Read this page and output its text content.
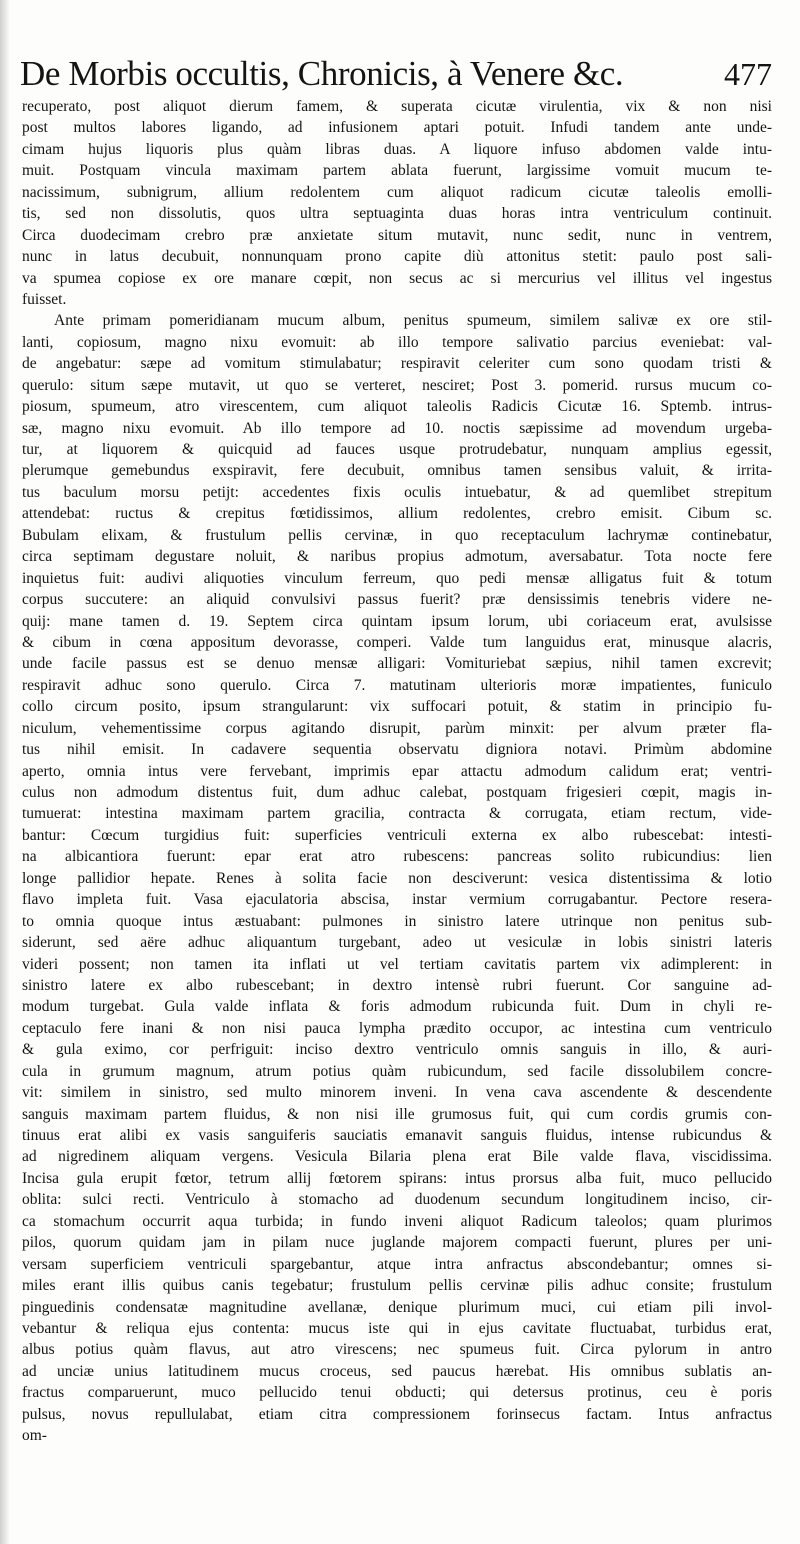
De Morbis occultis, Chronicis, à Venere &c.	477
recuperato, post aliquot dierum famem, & superata cicutæ virulentia, vix & non nisi
post multos labores ligando, ad infusionem aptari potuit. Infudi tandem ante unde-
cimam hujus liquoris plus quàm libras duas. A liquore infuso abdomen valde intu-
muit. Postquam vincula maximam partem ablata fuerunt, largissime vomuit mucum te-
nacissimum, subnigrum, allium redolentem cum aliquot radicum cicutæ taleolis emolli-
tis, sed non dissolutis, quos ultra septuaginta duas horas intra ventriculum continuit.
Circa duodecimam crebro præ anxietate situm mutavit, nunc sedit, nunc in ventrem,
nunc in latus decubuit, nonnunquam prono capite diù attonitus stetit: paulo post sali-
va spumea copiose ex ore manare cœpit, non secus ac si mercurius vel illitus vel ingestus
fuisset.
Ante primam pomeridianam mucum album, penitus spumeum, similem salivæ ex ore stil-
lanti, copiosum, magno nixu evomuit: ab illo tempore salivatio parcius eveniebat: val-
de angebatur: sæpe ad vomitum stimulabatur; respiravit celeriter cum sono quodam tristi &
querulo: situm sæpe mutavit, ut quo se verteret, nesciret; Post 3. pomerid. rursus mucum co-
piosum, spumeum, atro virescentem, cum aliquot taleolis Radicis Cicutæ 16. Sptemb. intrus-
sæ, magno nixu evomuit. Ab illo tempore ad 10. noctis sæpissime ad movendum urgeba-
tur, at liquorem & quicquid ad fauces usque protrudebatur, nunquam amplius egessit,
plerumque gemebundus exspiravit, fere decubuit, omnibus tamen sensibus valuit, & irrita-
tus baculum morsu petijt: accedentes fixis oculis intuebatur, & ad quemlibet strepitum
attendebat: ructus & crepitus fœtidissimos, allium redolentes, crebro emisit. Cibum sc.
Bubulam elixam, & frustulum pellis cervinæ, in quo receptaculum lachrymæ continebatur,
circa septimam degustare noluit, & naribus propius admotum, aversabatur. Tota nocte fere
inquietus fuit: audivi aliquoties vinculum ferreum, quo pedi mensæ alligatus fuit & totum
corpus succutere: an aliquid convulsivi passus fuerit? præ densissimis tenebris videre ne-
quij: mane tamen d. 19. Septem circa quintam ipsum lorum, ubi coriaceum erat, avulsisse
& cibum in cœna appositum devorasse, comperi. Valde tum languidus erat, minusque alacris,
unde facile passus est se denuo mensæ alligari: Vomituriebat sæpius, nihil tamen excrevit;
respiravit adhuc sono querulo. Circa 7. matutinam ulterioris moræ impatientes, funiculo
collo circum posito, ipsum strangularunt: vix suffocari potuit, & statim in principio fu-
niculum, vehementissime corpus agitando disrupit, parùm minxit: per alvum præter fla-
tus nihil emisit. In cadavere sequentia observatu digniora notavi. Primùm abdomine
aperto, omnia intus vere fervebant, imprimis epar attactu admodum calidum erat; ventri-
culus non admodum distentus fuit, dum adhuc calebat, postquam frigesieri cœpit, magis in-
tumuerat: intestina maximam partem gracilia, contracta & corrugata, etiam rectum, vide-
bantur: Cœcum turgidius fuit: superficies ventriculi externa ex albo rubescebat: intesti-
na albicantiora fuerunt: epar erat atro rubescens: pancreas solito rubicundius: lien
longe pallidior hepate. Renes à solita facie non desciverunt: vesica distentissima & lotio
flavo impleta fuit. Vasa ejaculatoria abscisa, instar vermium corrugabantur. Pectore resera-
to omnia quoque intus æstuabant: pulmones in sinistro latere utrinque non penitus sub-
siderunt, sed aëre adhuc aliquantum turgebant, adeo ut vesiculæ in lobis sinistri lateris
videri possent; non tamen ita inflati ut vel tertiam cavitatis partem vix adimplerent: in
sinistro latere ex albo rubescebant; in dextro intensè rubri fuerunt. Cor sanguine ad-
modum turgebat. Gula valde inflata & foris admodum rubicunda fuit. Dum in chyli re-
ceptaculo fere inani & non nisi pauca lympha prædito occupor, ac intestina cum ventriculo
& gula eximo, cor perfriguit: inciso dextro ventriculo omnis sanguis in illo, & auri-
cula in grumum magnum, atrum potius quàm rubicundum, sed facile dissolubilem concre-
vit: similem in sinistro, sed multo minorem inveni. In vena cava ascendente & descendente
sanguis maximam partem fluidus, & non nisi ille grumosus fuit, qui cum cordis grumis con-
tinuus erat alibi ex vasis sanguiferis sauciatis emanavit sanguis fluidus, intense rubicundus &
ad nigredinem aliquam vergens. Vesicula Bilaria plena erat Bile valde flava, viscidissima.
Incisa gula erupit fœtor, tetrum allij fœtorem spirans: intus prorsus alba fuit, muco pellucido
oblita: sulci recti. Ventriculo à stomacho ad duodenum secundum longitudinem inciso, cir-
ca stomachum occurrit aqua turbida; in fundo inveni aliquot Radicum taleolos; quam plurimos
pilos, quorum quidam jam in pilam nuce juglande majorem compacti fuerunt, plures per uni-
versam superficiem ventriculi spargebantur, atque intra anfractus abscondebantur; omnes si-
miles erant illis quibus canis tegebatur; frustulum pellis cervinæ pilis adhuc consite; frustulum
pinguedinis condensatæ magnitudine avellanæ, denique plurimum muci, cui etiam pili invol-
vebantur & reliqua ejus contenta: mucus iste qui in ejus cavitate fluctuabat, turbidus erat,
albus potius quàm flavus, aut atro virescens; nec spumeus fuit. Circa pylorum in antro
ad unciæ unius latitudinem mucus croceus, sed paucus hærebat. His omnibus sublatis an-
fractus comparuerunt, muco pellucido tenui obducti; qui detersus protinus, ceu è poris
pulsus, novus repullulabat, etiam citra compressionem forinsecus factam. Intus anfractus
om-
